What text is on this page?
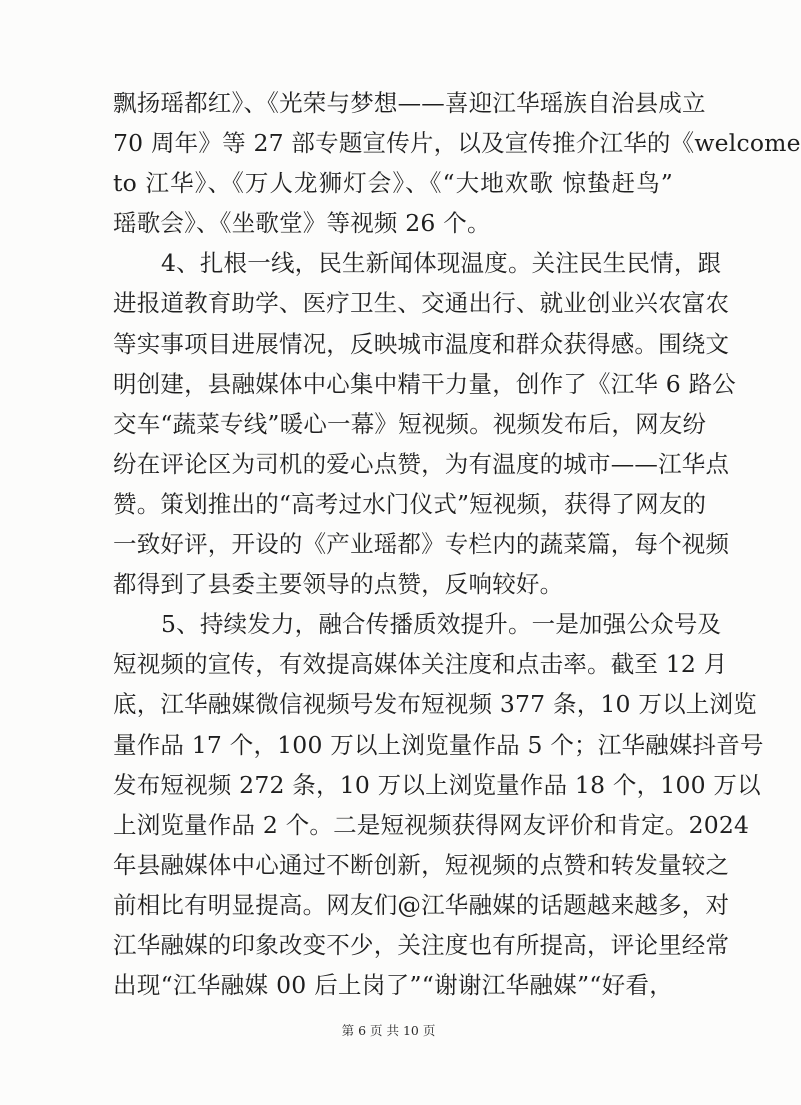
飘扬瑶都红》、《光荣与梦想——喜迎江华瑶族自治县成立
70 周年》等 27 部专题宣传片，以及宣传推介江华的《welcome
to 江华》、《万人龙狮灯会》、《“大地欢歌 惊蛰赶鸟”
瑶歌会》、《坐歌堂》等视频 26 个。
4、扎根一线，民生新闻体现温度。关注民生民情，跟
进报道教育助学、医疗卫生、交通出行、就业创业兴农富农
等实事项目进展情况，反映城市温度和群众获得感。围绕文
明创建，县融媒体中心集中精干力量，创作了《江华 6 路公
交车“蔬菜专线”暖心一幕》短视频。视频发布后，网友纷
纷在评论区为司机的爱心点赞，为有温度的城市——江华点
赞。策划推出的“高考过水门仪式”短视频，获得了网友的
一致好评，开设的《产业瑶都》专栏内的蔬菜篇，每个视频
都得到了县委主要领导的点赞，反响较好。
5、持续发力，融合传播质效提升。一是加强公众号及
短视频的宣传，有效提高媒体关注度和点击率。截至 12 月
底，江华融媒微信视频号发布短视频 377 条，10 万以上浏览
量作品 17 个，100 万以上浏览量作品 5 个；江华融媒抖音号
发布短视频 272 条，10 万以上浏览量作品 18 个，100 万以
上浏览量作品 2 个。二是短视频获得网友评价和肯定。2024
年县融媒体中心通过不断创新，短视频的点赞和转发量较之
前相比有明显提高。网友们@江华融媒的话题越来越多，对
江华融媒的印象改变不少，关注度也有所提高，评论里经常
出现“江华融媒 00 后上岗了”“谢谢江华融媒”“好看，
第 6 页 共 10 页
